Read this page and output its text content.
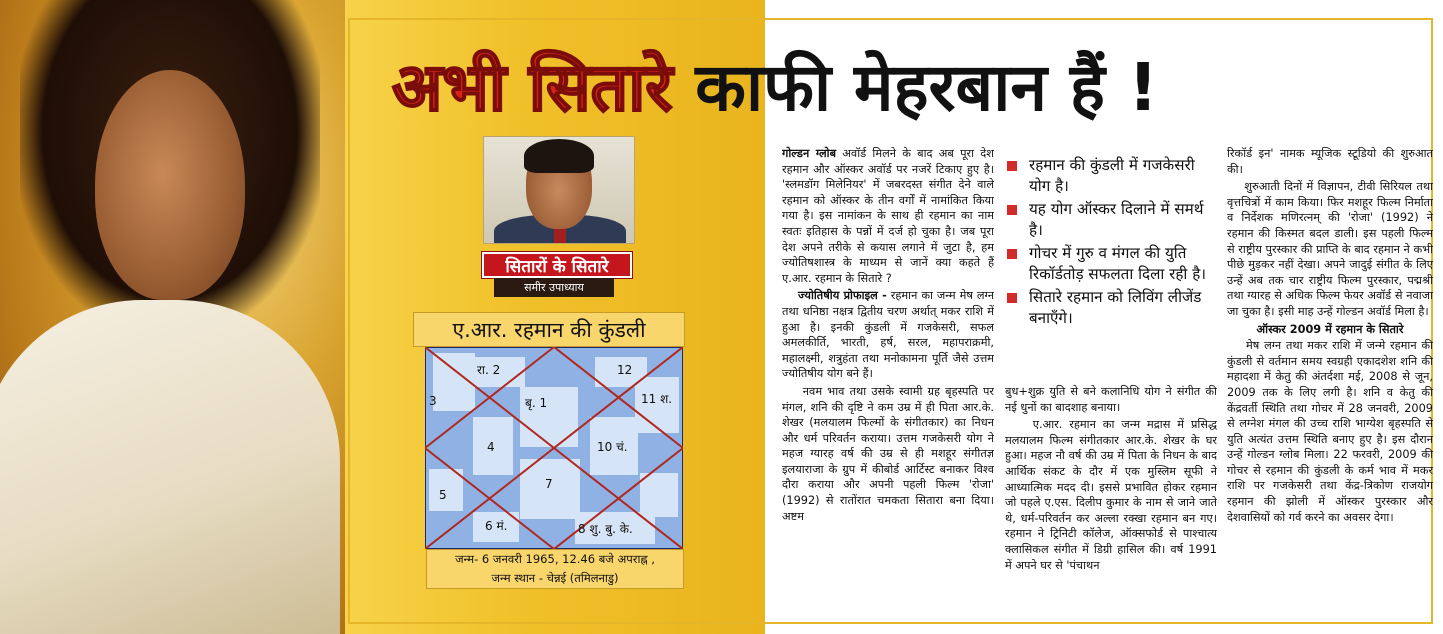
अभी सितारे काफी मेहरबान हैं !
सितारों के सितारे
समीर उपाध्याय
ए.आर. रहमान की कुंडली
बृ. 1
रा. 2
3
4
5
6 मं.
7
8 शु. बु. के.
10 चं.
11 श.
12
जन्म- 6 जनवरी 1965, 12.46 बजे अपराह्न ,
जन्म स्थान - चेन्नई (तमिलनाडु)

गोल्डन ग्लोब अवॉर्ड मिलने के बाद अब पूरा देश रहमान और ऑस्कर अवॉर्ड पर नजरें टिकाए हुए है। 'स्लमडॉग मिलेनियर' में जबरदस्त संगीत देने वाले रहमान को ऑस्कर के तीन वर्गों में नामांकित किया गया है। इस नामांकन के साथ ही रहमान का नाम स्वतः इतिहास के पन्नों में दर्ज हो चुका है। जब पूरा देश अपने तरीके से कयास लगाने में जुटा है, हम ज्योतिषशास्त्र के माध्यम से जानें क्या कहते हैं ए.आर. रहमान के सितारे ?

ज्योतिषीय प्रोफाइल - रहमान का जन्म मेष लग्न तथा धनिष्ठा नक्षत्र द्वितीय चरण अर्थात् मकर राशि में हुआ है। इनकी कुंडली में गजकेसरी, सफल अमलकीर्ति, भारती, हर्ष, सरल, महापराक्रमी, महालक्ष्मी, शत्रुहंता तथा मनोकामना पूर्ति जैसे उत्तम ज्योतिषीय योग बने हैं।

नवम भाव तथा उसके स्वामी ग्रह बृहस्पति पर मंगल, शनि की दृष्टि ने कम उम्र में ही पिता आर.के. शेखर (मलयालम फिल्मों के संगीतकार) का निधन और धर्म परिवर्तन कराया। उत्तम गजकेसरी योग ने महज ग्यारह वर्ष की उम्र से ही मशहूर संगीतज्ञ इलयाराजा के ग्रुप में कीबोर्ड आर्टिस्ट बनाकर विश्व दौरा कराया और अपनी पहली फिल्म 'रोजा' (1992) से रातोंरात चमकता सितारा बना दिया। अष्टम

रहमान की कुंडली में गजकेसरी योग है।
यह योग ऑस्कर दिलाने में समर्थ है।
गोचर में गुरु व मंगल की युति रिकॉर्डतोड़ सफलता दिला रही है।
सितारे रहमान को लिविंग लीजेंड बनाएँगे।

बुध+शुक्र युति से बने कलानिधि योग ने संगीत की नई धुनों का बादशाह बनाया।

ए.आर. रहमान का जन्म मद्रास में प्रसिद्ध मलयालम फिल्म संगीतकार आर.के. शेखर के घर हुआ। महज नौ वर्ष की उम्र में पिता के निधन के बाद आर्थिक संकट के दौर में एक मुस्लिम सूफी ने आध्यात्मिक मदद दी। इससे प्रभावित होकर रहमान जो पहले ए.एस. दिलीप कुमार के नाम से जाने जाते थे, धर्म-परिवर्तन कर अल्ला रक्खा रहमान बन गए। रहमान ने ट्रिनिटी कॉलेज, ऑक्सफोर्ड से पाश्चात्य क्लासिकल संगीत में डिग्री हासिल की। वर्ष 1991 में अपने घर से 'पंचाथन

रिकॉर्ड इन' नामक म्यूजिक स्टूडियो की शुरुआत की।

शुरुआती दिनों में विज्ञापन, टीवी सिरियल तथा वृत्तचित्रों में काम किया। फिर मशहूर फिल्म निर्माता व निर्देशक मणिरत्नम् की 'रोजा' (1992) ने रहमान की किस्मत बदल डाली। इस पहली फिल्म से राष्ट्रीय पुरस्कार की प्राप्ति के बाद रहमान ने कभी पीछे मुड़कर नहीं देखा। अपने जादुई संगीत के लिए उन्हें अब तक चार राष्ट्रीय फिल्म पुरस्कार, पद्मश्री तथा ग्यारह से अधिक फिल्म फेयर अवॉर्ड से नवाजा जा चुका है। इसी माह उन्हें गोल्डन अवॉर्ड मिला है।

ऑस्कर 2009 में रहमान के सितारे

मेष लग्न तथा मकर राशि में जन्मे रहमान की कुंडली से वर्तमान समय स्वग्रही एकादशेश शनि की महादशा में केतु की अंतर्दशा मई, 2008 से जून, 2009 तक के लिए लगी है। शनि व केतु की केंद्रवर्ती स्थिति तथा गोचर में 28 जनवरी, 2009 से लग्नेश मंगल की उच्च राशि भाग्येश बृहस्पति से युति अत्यंत उत्तम स्थिति बनाए हुए है। इस दौरान उन्हें गोल्डन ग्लोब मिला। 22 फरवरी, 2009 की गोचर से रहमान की कुंडली के कर्म भाव में मकर राशि पर गजकेसरी तथा केंद्र-त्रिकोण राजयोग रहमान की झोली में ऑस्कर पुरस्कार और देशवासियों को गर्व करने का अवसर देगा।
